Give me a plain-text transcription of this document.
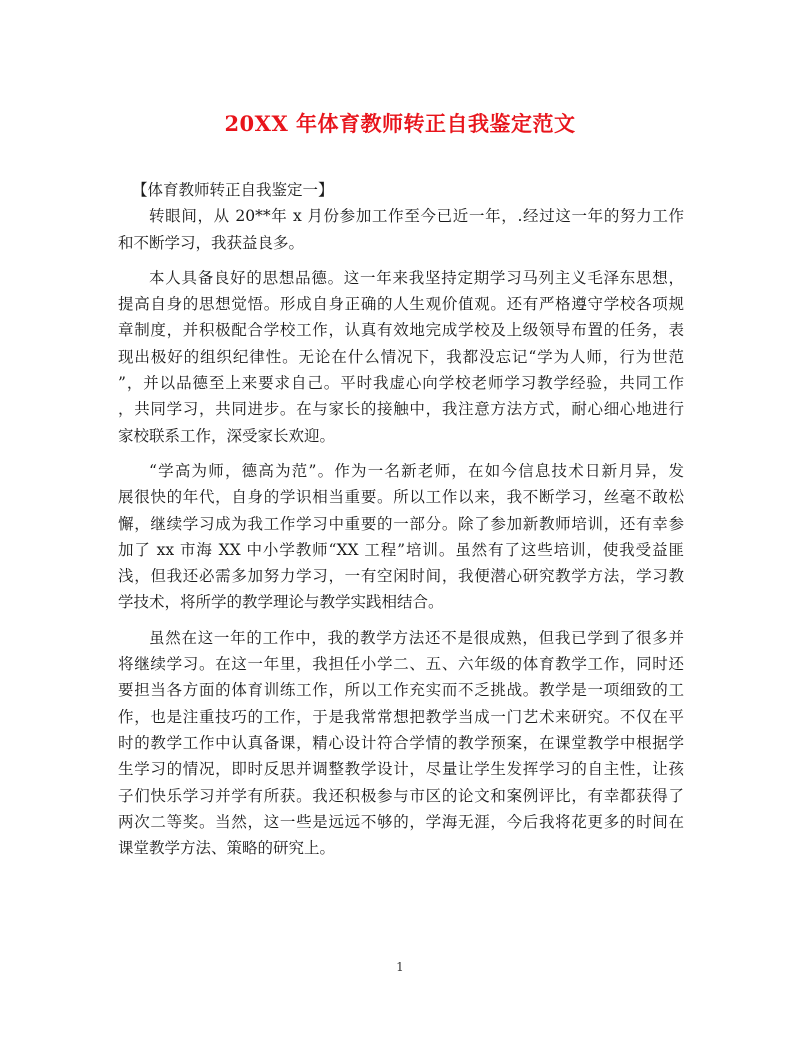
20XX 年体育教师转正自我鉴定范文
【体育教师转正自我鉴定一】
转眼间，从 20**年 x 月份参加工作至今已近一年，.经过这一年的努力工作
和不断学习，我获益良多。
本人具备良好的思想品德。这一年来我坚持定期学习马列主义毛泽东思想，
提高自身的思想觉悟。形成自身正确的人生观价值观。还有严格遵守学校各项规
章制度，并积极配合学校工作，认真有效地完成学校及上级领导布置的任务，表
现出极好的组织纪律性。无论在什么情况下，我都没忘记“学为人师，行为世范
”，并以品德至上来要求自己。平时我虚心向学校老师学习教学经验，共同工作
，共同学习，共同进步。在与家长的接触中，我注意方法方式，耐心细心地进行
家校联系工作，深受家长欢迎。
“学高为师，德高为范”。作为一名新老师，在如今信息技术日新月异，发
展很快的年代，自身的学识相当重要。所以工作以来，我不断学习，丝毫不敢松
懈，继续学习成为我工作学习中重要的一部分。除了参加新教师培训，还有幸参
加了 xx 市海 XX 中小学教师“XX 工程”培训。虽然有了这些培训，使我受益匪
浅，但我还必需多加努力学习，一有空闲时间，我便潜心研究教学方法，学习教
学技术，将所学的教学理论与教学实践相结合。
虽然在这一年的工作中，我的教学方法还不是很成熟，但我已学到了很多并
将继续学习。在这一年里，我担任小学二、五、六年级的体育教学工作，同时还
要担当各方面的体育训练工作，所以工作充实而不乏挑战。教学是一项细致的工
作，也是注重技巧的工作，于是我常常想把教学当成一门艺术来研究。不仅在平
时的教学工作中认真备课，精心设计符合学情的教学预案，在课堂教学中根据学
生学习的情况，即时反思并调整教学设计，尽量让学生发挥学习的自主性，让孩
子们快乐学习并学有所获。我还积极参与市区的论文和案例评比，有幸都获得了
两次二等奖。当然，这一些是远远不够的，学海无涯，今后我将花更多的时间在
课堂教学方法、策略的研究上。
1
